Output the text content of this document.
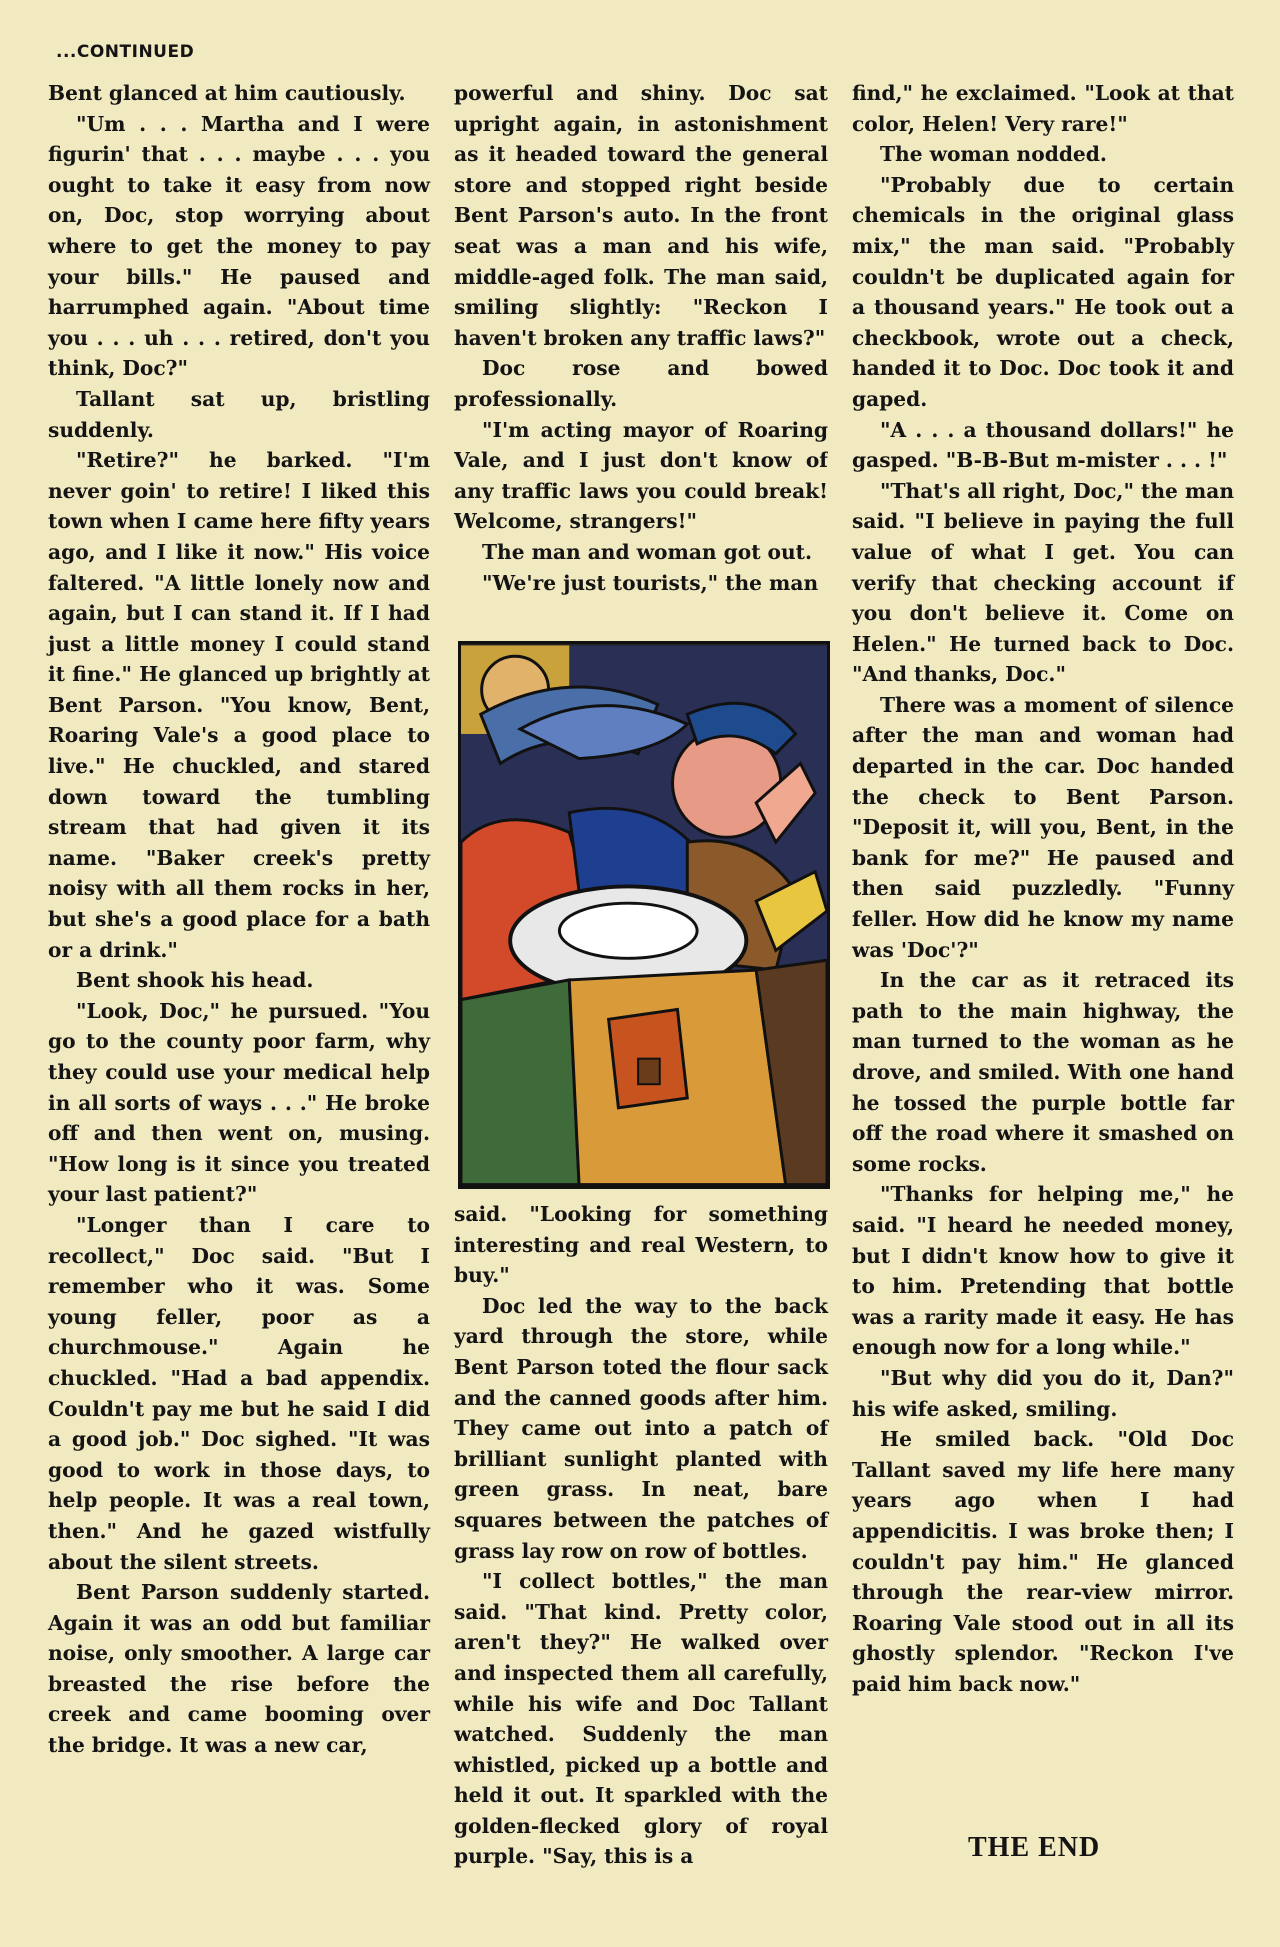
...CONTINUED

Bent glanced at him cautiously.

"Um . . . Martha and I were figurin' that . . . maybe . . . you ought to take it easy from now on, Doc, stop worrying about where to get the money to pay your bills." He paused and harrumphed again. "About time you . . . uh . . . retired, don't you think, Doc?"

Tallant sat up, bristling suddenly.

"Retire?" he barked. "I'm never goin' to retire! I liked this town when I came here fifty years ago, and I like it now." His voice faltered. "A little lonely now and again, but I can stand it. If I had just a little money I could stand it fine." He glanced up brightly at Bent Parson. "You know, Bent, Roaring Vale's a good place to live." He chuckled, and stared down toward the tumbling stream that had given it its name. "Baker creek's pretty noisy with all them rocks in her, but she's a good place for a bath or a drink."

Bent shook his head.

"Look, Doc," he pursued. "You go to the county poor farm, why they could use your medical help in all sorts of ways . . ." He broke off and then went on, musing. "How long is it since you treated your last patient?"

"Longer than I care to recollect," Doc said. "But I remember who it was. Some young feller, poor as a churchmouse." Again he chuckled. "Had a bad appendix. Couldn't pay me but he said I did a good job." Doc sighed. "It was good to work in those days, to help people. It was a real town, then." And he gazed wistfully about the silent streets.

Bent Parson suddenly started. Again it was an odd but familiar noise, only smoother. A large car breasted the rise before the creek and came booming over the bridge. It was a new car,

powerful and shiny. Doc sat upright again, in astonishment as it headed toward the general store and stopped right beside Bent Parson's auto. In the front seat was a man and his wife, middle-aged folk. The man said, smiling slightly: "Reckon I haven't broken any traffic laws?"

Doc rose and bowed professionally.

"I'm acting mayor of Roaring Vale, and I just don't know of any traffic laws you could break! Welcome, strangers!"

The man and woman got out.

"We're just tourists," the man

said. "Looking for something interesting and real Western, to buy."

Doc led the way to the back yard through the store, while Bent Parson toted the flour sack and the canned goods after him. They came out into a patch of brilliant sunlight planted with green grass. In neat, bare squares between the patches of grass lay row on row of bottles.

"I collect bottles," the man said. "That kind. Pretty color, aren't they?" He walked over and inspected them all carefully, while his wife and Doc Tallant watched. Suddenly the man whistled, picked up a bottle and held it out. It sparkled with the golden-flecked glory of royal purple. "Say, this is a

find," he exclaimed. "Look at that color, Helen! Very rare!"

The woman nodded.

"Probably due to certain chemicals in the original glass mix," the man said. "Probably couldn't be duplicated again for a thousand years." He took out a checkbook, wrote out a check, handed it to Doc. Doc took it and gaped.

"A . . . a thousand dollars!" he gasped. "B-B-But m-mister . . . !"

"That's all right, Doc," the man said. "I believe in paying the full value of what I get. You can verify that checking account if you don't believe it. Come on Helen." He turned back to Doc. "And thanks, Doc."

There was a moment of silence after the man and woman had departed in the car. Doc handed the check to Bent Parson. "Deposit it, will you, Bent, in the bank for me?" He paused and then said puzzledly. "Funny feller. How did he know my name was 'Doc'?"

In the car as it retraced its path to the main highway, the man turned to the woman as he drove, and smiled. With one hand he tossed the purple bottle far off the road where it smashed on some rocks.

"Thanks for helping me," he said. "I heard he needed money, but I didn't know how to give it to him. Pretending that bottle was a rarity made it easy. He has enough now for a long while."

"But why did you do it, Dan?" his wife asked, smiling.

He smiled back. "Old Doc Tallant saved my life here many years ago when I had appendicitis. I was broke then; I couldn't pay him." He glanced through the rear-view mirror. Roaring Vale stood out in all its ghostly splendor. "Reckon I've paid him back now."

THE END
